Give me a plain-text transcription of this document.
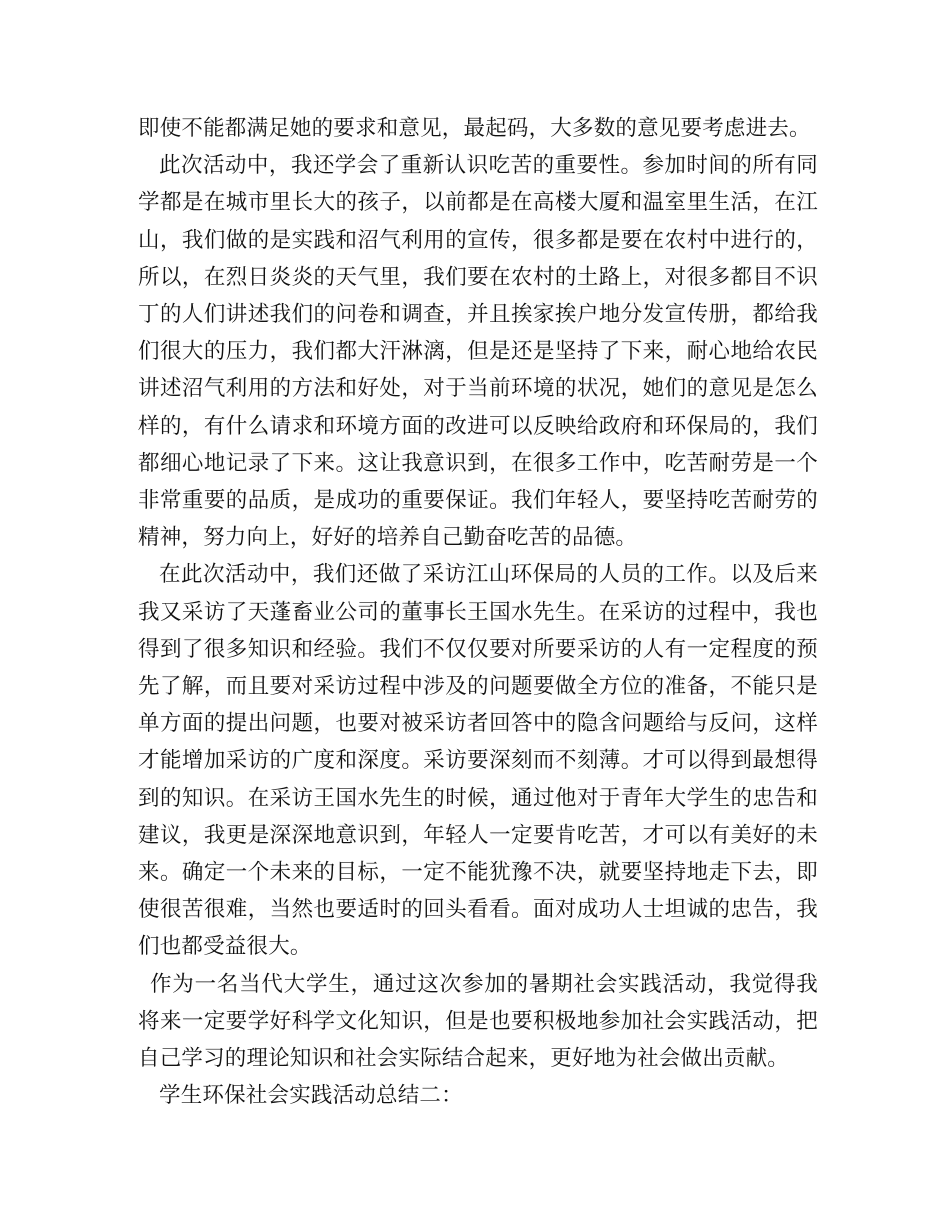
即使不能都满足她的要求和意见，最起码，大多数的意见要考虑进去。

此次活动中，我还学会了重新认识吃苦的重要性。参加时间的所有同学都是在城市里长大的孩子，以前都是在高楼大厦和温室里生活，在江山，我们做的是实践和沼气利用的宣传，很多都是要在农村中进行的，所以，在烈日炎炎的天气里，我们要在农村的土路上，对很多都目不识丁的人们讲述我们的问卷和调查，并且挨家挨户地分发宣传册，都给我们很大的压力，我们都大汗淋漓，但是还是坚持了下来，耐心地给农民讲述沼气利用的方法和好处，对于当前环境的状况，她们的意见是怎么样的，有什么请求和环境方面的改进可以反映给政府和环保局的，我们都细心地记录了下来。这让我意识到，在很多工作中，吃苦耐劳是一个非常重要的品质，是成功的重要保证。我们年轻人，要坚持吃苦耐劳的精神，努力向上，好好的培养自己勤奋吃苦的品德。

在此次活动中，我们还做了采访江山环保局的人员的工作。以及后来我又采访了天蓬畜业公司的董事长王国水先生。在采访的过程中，我也得到了很多知识和经验。我们不仅仅要对所要采访的人有一定程度的预先了解，而且要对采访过程中涉及的问题要做全方位的准备，不能只是单方面的提出问题，也要对被采访者回答中的隐含问题给与反问，这样才能增加采访的广度和深度。采访要深刻而不刻薄。才可以得到最想得到的知识。在采访王国水先生的时候，通过他对于青年大学生的忠告和建议，我更是深深地意识到，年轻人一定要肯吃苦，才可以有美好的未来。确定一个未来的目标，一定不能犹豫不决，就要坚持地走下去，即使很苦很难，当然也要适时的回头看看。面对成功人士坦诚的忠告，我们也都受益很大。

作为一名当代大学生，通过这次参加的暑期社会实践活动，我觉得我将来一定要学好科学文化知识，但是也要积极地参加社会实践活动，把自己学习的理论知识和社会实际结合起来，更好地为社会做出贡献。

学生环保社会实践活动总结二：
